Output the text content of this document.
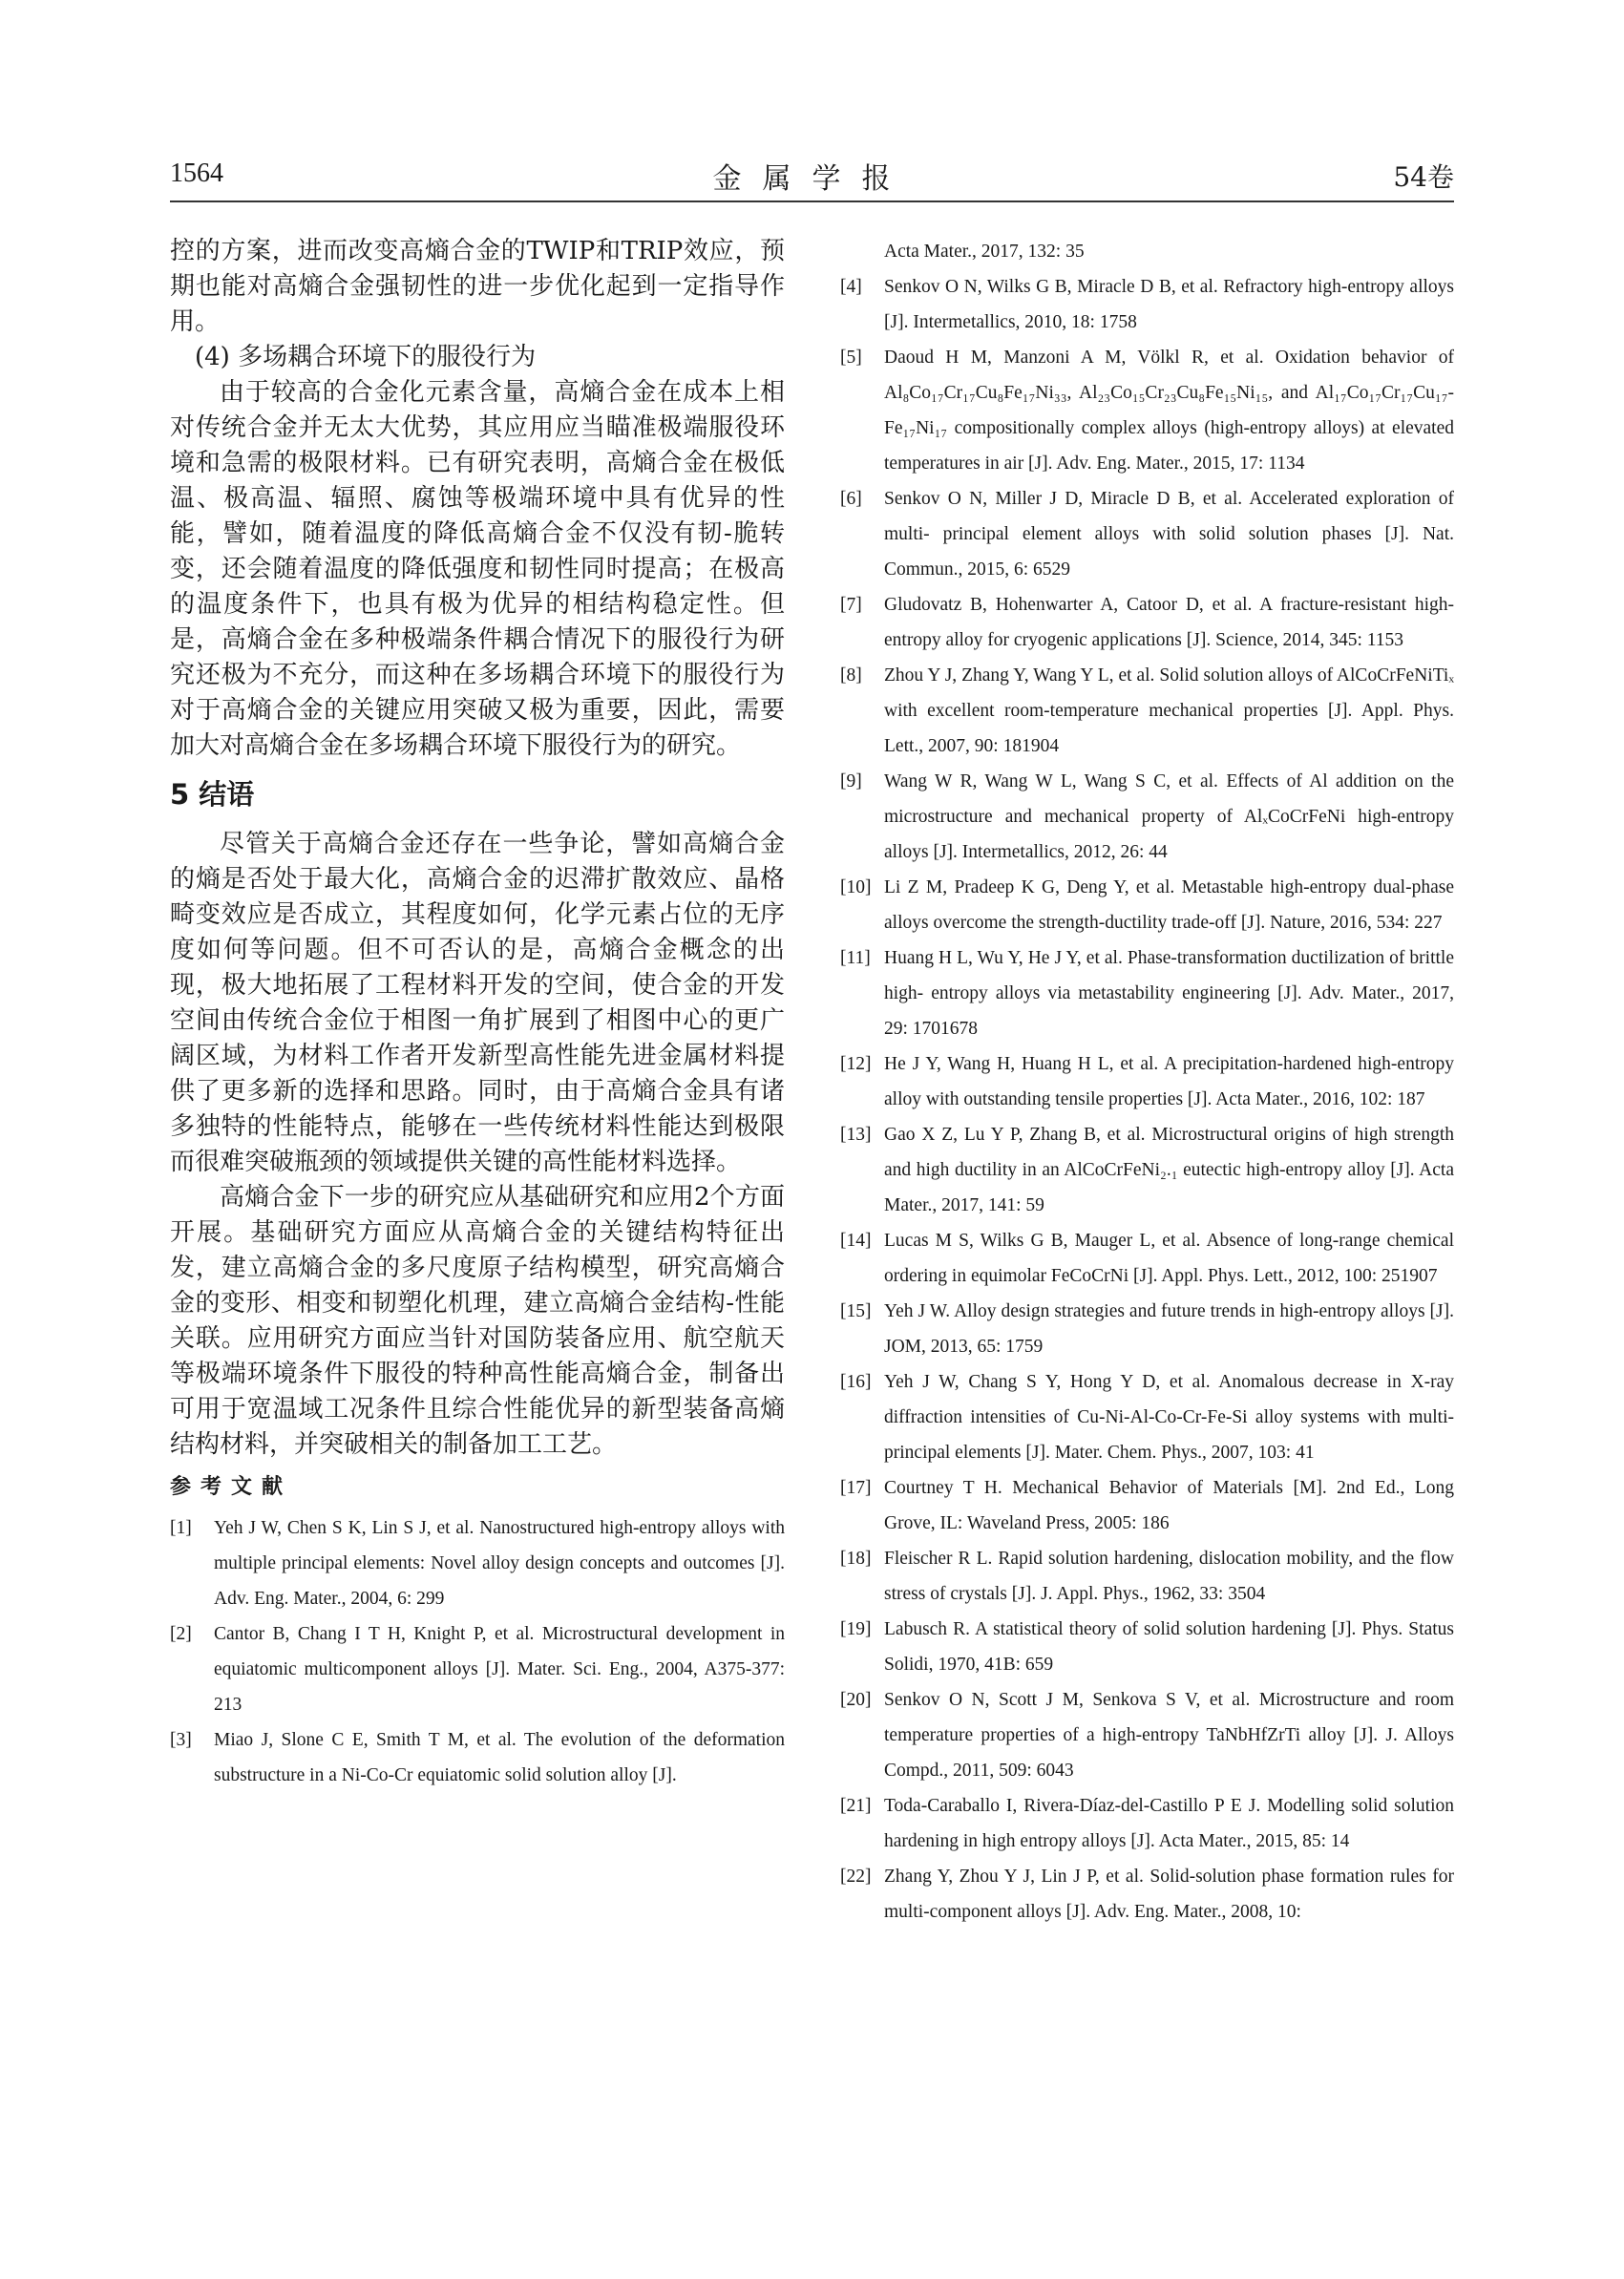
1564	金属学报	54卷

控的方案，进而改变高熵合金的TWIP和TRIP效应，预期也能对高熵合金强韧性的进一步优化起到一定指导作用。

(4) 多场耦合环境下的服役行为

由于较高的合金化元素含量，高熵合金在成本上相对传统合金并无太大优势，其应用应当瞄准极端服役环境和急需的极限材料。已有研究表明，高熵合金在极低温、极高温、辐照、腐蚀等极端环境中具有优异的性能，譬如，随着温度的降低高熵合金不仅没有韧-脆转变，还会随着温度的降低强度和韧性同时提高；在极高的温度条件下，也具有极为优异的相结构稳定性。但是，高熵合金在多种极端条件耦合情况下的服役行为研究还极为不充分，而这种在多场耦合环境下的服役行为对于高熵合金的关键应用突破又极为重要，因此，需要加大对高熵合金在多场耦合环境下服役行为的研究。

5 结语

尽管关于高熵合金还存在一些争论，譬如高熵合金的熵是否处于最大化，高熵合金的迟滞扩散效应、晶格畸变效应是否成立，其程度如何，化学元素占位的无序度如何等问题。但不可否认的是，高熵合金概念的出现，极大地拓展了工程材料开发的空间，使合金的开发空间由传统合金位于相图一角扩展到了相图中心的更广阔区域，为材料工作者开发新型高性能先进金属材料提供了更多新的选择和思路。同时，由于高熵合金具有诸多独特的性能特点，能够在一些传统材料性能达到极限而很难突破瓶颈的领域提供关键的高性能材料选择。

高熵合金下一步的研究应从基础研究和应用2个方面开展。基础研究方面应从高熵合金的关键结构特征出发，建立高熵合金的多尺度原子结构模型，研究高熵合金的变形、相变和韧塑化机理，建立高熵合金结构-性能关联。应用研究方面应当针对国防装备应用、航空航天等极端环境条件下服役的特种高性能高熵合金，制备出可用于宽温域工况条件且综合性能优异的新型装备高熵结构材料，并突破相关的制备加工工艺。

参考文献
[1] Yeh J W, Chen S K, Lin S J, et al. Nanostructured high-entropy alloys with multiple principal elements: Novel alloy design concepts and outcomes [J]. Adv. Eng. Mater., 2004, 6: 299
[2] Cantor B, Chang I T H, Knight P, et al. Microstructural development in equiatomic multicomponent alloys [J]. Mater. Sci. Eng., 2004, A375-377: 213
[3] Miao J, Slone C E, Smith T M, et al. The evolution of the deformation substructure in a Ni-Co-Cr equiatomic solid solution alloy [J].

Acta Mater., 2017, 132: 35

[4] Senkov O N, Wilks G B, Miracle D B, et al. Refractory high-entropy alloys [J]. Intermetallics, 2010, 18: 1758
[5] Daoud H M, Manzoni A M, Völkl R, et al. Oxidation behavior of Al₈Co₁₇Cr₁₇Cu₈Fe₁₇Ni₃₃, Al₂₃Co₁₅Cr₂₃Cu₈Fe₁₅Ni₁₅, and Al₁₇Co₁₇Cr₁₇Cu₁₇-Fe₁₇Ni₁₇ compositionally complex alloys (high-entropy alloys) at elevated temperatures in air [J]. Adv. Eng. Mater., 2015, 17: 1134
[6] Senkov O N, Miller J D, Miracle D B, et al. Accelerated exploration of multi- principal element alloys with solid solution phases [J]. Nat. Commun., 2015, 6: 6529
[7] Gludovatz B, Hohenwarter A, Catoor D, et al. A fracture-resistant high- entropy alloy for cryogenic applications [J]. Science, 2014, 345: 1153
[8] Zhou Y J, Zhang Y, Wang Y L, et al. Solid solution alloys of AlCoCrFeNiTiₓ with excellent room-temperature mechanical properties [J]. Appl. Phys. Lett., 2007, 90: 181904
[9] Wang W R, Wang W L, Wang S C, et al. Effects of Al addition on the microstructure and mechanical property of AlₓCoCrFeNi high-entropy alloys [J]. Intermetallics, 2012, 26: 44
[10] Li Z M, Pradeep K G, Deng Y, et al. Metastable high-entropy dual-phase alloys overcome the strength-ductility trade-off [J]. Nature, 2016, 534: 227
[11] Huang H L, Wu Y, He J Y, et al. Phase-transformation ductilization of brittle high- entropy alloys via metastability engineering [J]. Adv. Mater., 2017, 29: 1701678
[12] He J Y, Wang H, Huang H L, et al. A precipitation-hardened high-entropy alloy with outstanding tensile properties [J]. Acta Mater., 2016, 102: 187
[13] Gao X Z, Lu Y P, Zhang B, et al. Microstructural origins of high strength and high ductility in an AlCoCrFeNi₂.₁ eutectic high-entropy alloy [J]. Acta Mater., 2017, 141: 59
[14] Lucas M S, Wilks G B, Mauger L, et al. Absence of long-range chemical ordering in equimolar FeCoCrNi [J]. Appl. Phys. Lett., 2012, 100: 251907
[15] Yeh J W. Alloy design strategies and future trends in high-entropy alloys [J]. JOM, 2013, 65: 1759
[16] Yeh J W, Chang S Y, Hong Y D, et al. Anomalous decrease in X-ray diffraction intensities of Cu-Ni-Al-Co-Cr-Fe-Si alloy systems with multi-principal elements [J]. Mater. Chem. Phys., 2007, 103: 41
[17] Courtney T H. Mechanical Behavior of Materials [M]. 2nd Ed., Long Grove, IL: Waveland Press, 2005: 186
[18] Fleischer R L. Rapid solution hardening, dislocation mobility, and the flow stress of crystals [J]. J. Appl. Phys., 1962, 33: 3504
[19] Labusch R. A statistical theory of solid solution hardening [J]. Phys. Status Solidi, 1970, 41B: 659
[20] Senkov O N, Scott J M, Senkova S V, et al. Microstructure and room temperature properties of a high-entropy TaNbHfZrTi alloy [J]. J. Alloys Compd., 2011, 509: 6043
[21] Toda-Caraballo I, Rivera-Díaz-del-Castillo P E J. Modelling solid solution hardening in high entropy alloys [J]. Acta Mater., 2015, 85: 14
[22] Zhang Y, Zhou Y J, Lin J P, et al. Solid-solution phase formation rules for multi-component alloys [J]. Adv. Eng. Mater., 2008, 10:
